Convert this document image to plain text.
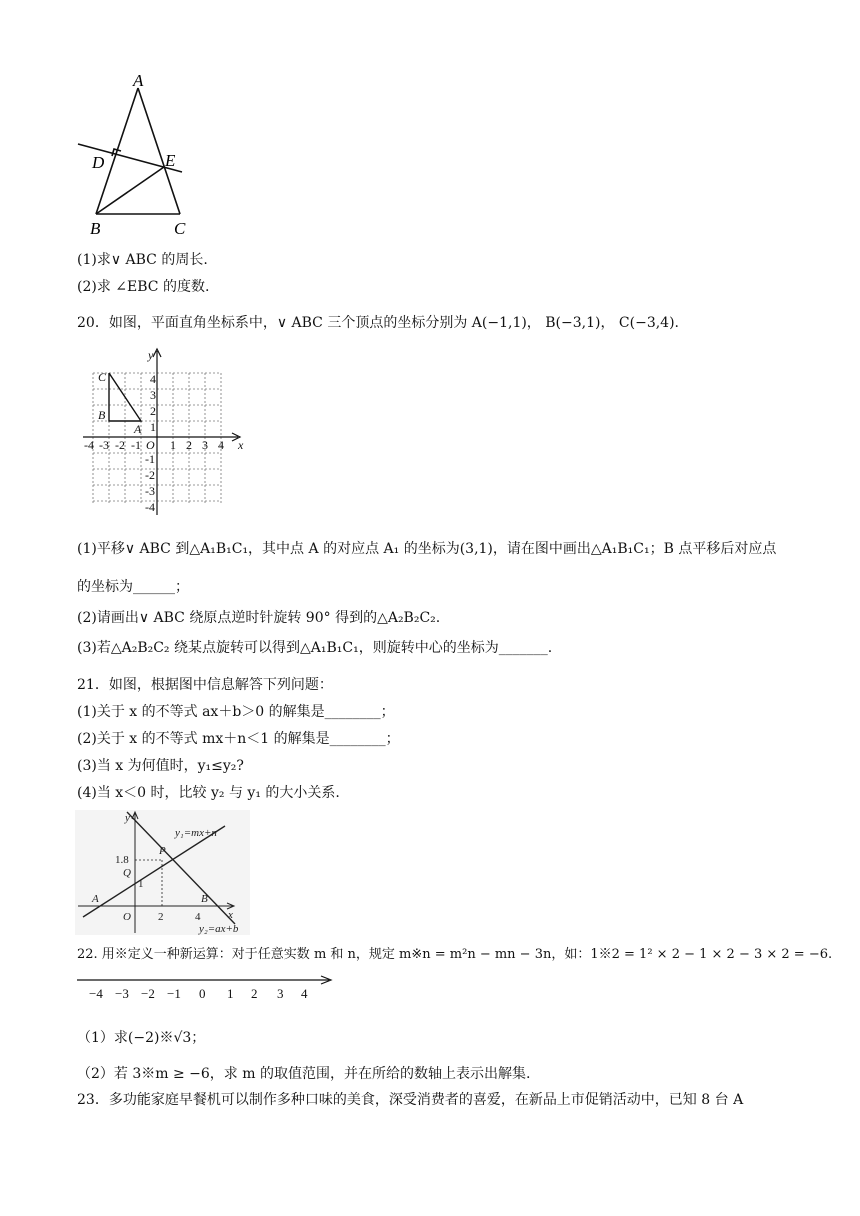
A
D	E
B	C
(1)求∨ ABC 的周长.
(2)求 ∠EBC 的度数.
20．如图，平面直角坐标系中，∨ ABC 三个顶点的坐标分别为 A(−1,1)， B(−3,1)， C(−3,4).
y
x
O
-4 -3 -2 -1 1 2 3 4
4
3
2
1
-1
-2
-3
-4
C
B
A
(1)平移∨ ABC 到△A₁B₁C₁，其中点 A 的对应点 A₁ 的坐标为(3,1)，请在图中画出△A₁B₁C₁；B 点平移后对应点
的坐标为______；
(2)请画出∨ ABC 绕原点逆时针旋转 90° 得到的△A₂B₂C₂.
(3)若△A₂B₂C₂ 绕某点旋转可以得到△A₁B₁C₁，则旋转中心的坐标为_______.
21．如图，根据图中信息解答下列问题：
(1)关于 x 的不等式 ax＋b＞0 的解集是________；
(2)关于 x 的不等式 mx＋n＜1 的解集是________；
(3)当 x 为何值时，y₁≤y₂?
(4)当 x＜0 时，比较 y₂ 与 y₁ 的大小关系.
y
x
y₁=mx+n
y₂=ax+b
P
Q
A	B
O
1.8
1
2	4
22. 用※定义一种新运算：对于任意实数 m 和 n，规定 m※n = m²n − mn − 3n，如：1※2 = 1² × 2 − 1 × 2 − 3 × 2 = −6.
−4 −3 −2 −1 0 1 2 3 4
（1）求(−2)※√3；
（2）若 3※m ≥ −6，求 m 的取值范围，并在所给的数轴上表示出解集.
23．多功能家庭早餐机可以制作多种口味的美食，深受消费者的喜爱，在新品上市促销活动中，已知 8 台 A
